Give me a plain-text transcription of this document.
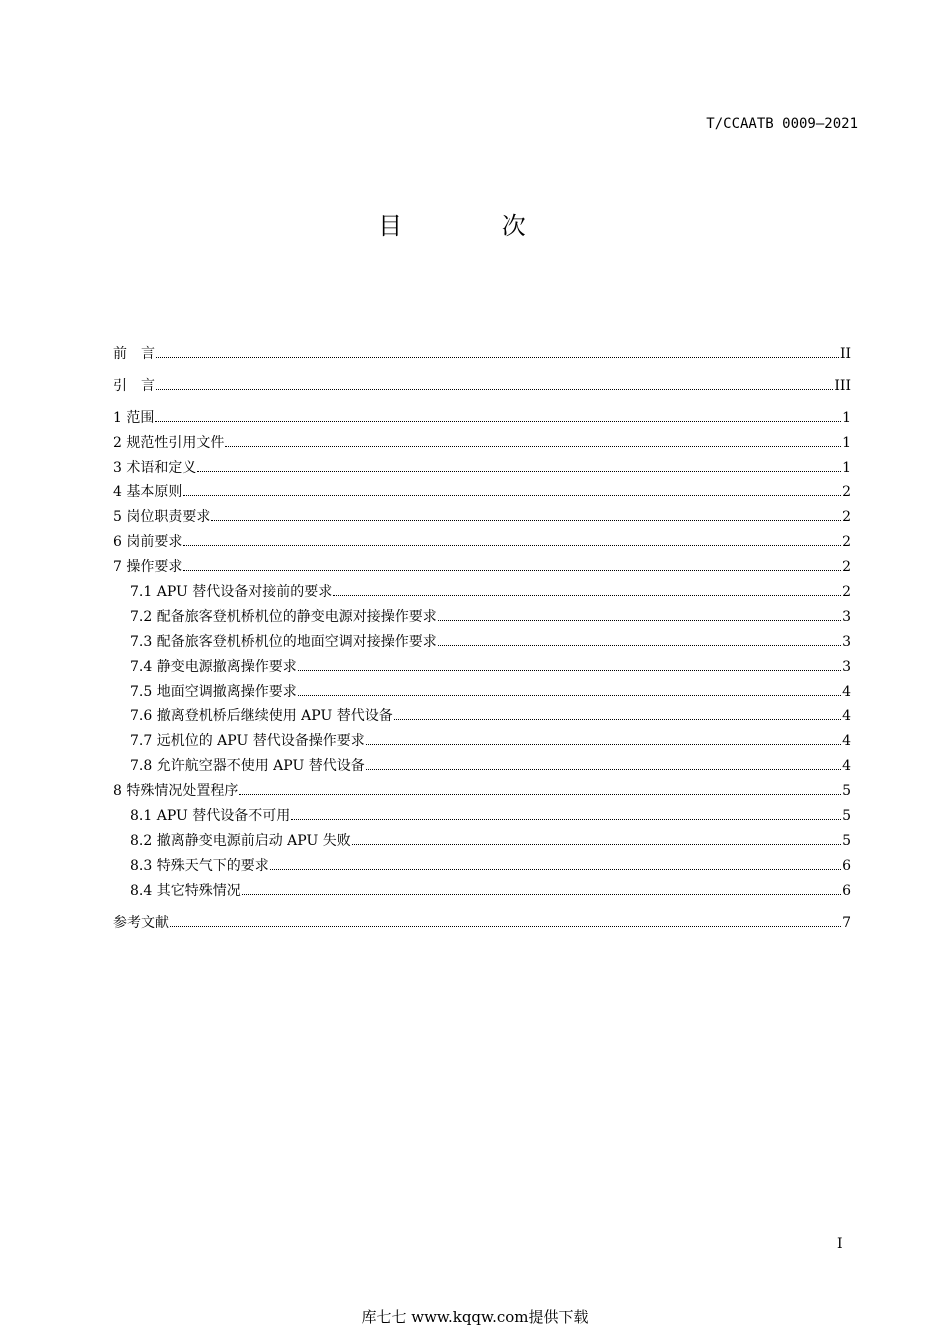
T/CCAATB 0009—2021
目 次
前　言	II
引　言	III
1 范围	1
2 规范性引用文件	1
3 术语和定义	1
4 基本原则	2
5 岗位职责要求	2
6 岗前要求	2
7 操作要求	2
7.1 APU 替代设备对接前的要求	2
7.2 配备旅客登机桥机位的静变电源对接操作要求	3
7.3 配备旅客登机桥机位的地面空调对接操作要求	3
7.4 静变电源撤离操作要求	3
7.5 地面空调撤离操作要求	4
7.6 撤离登机桥后继续使用 APU 替代设备	4
7.7 远机位的 APU 替代设备操作要求	4
7.8 允许航空器不使用 APU 替代设备	4
8 特殊情况处置程序	5
8.1 APU 替代设备不可用	5
8.2 撤离静变电源前启动 APU 失败	5
8.3 特殊天气下的要求	6
8.4 其它特殊情况	6
参考文献	7
I
库七七 www.kqqw.com提供下载
